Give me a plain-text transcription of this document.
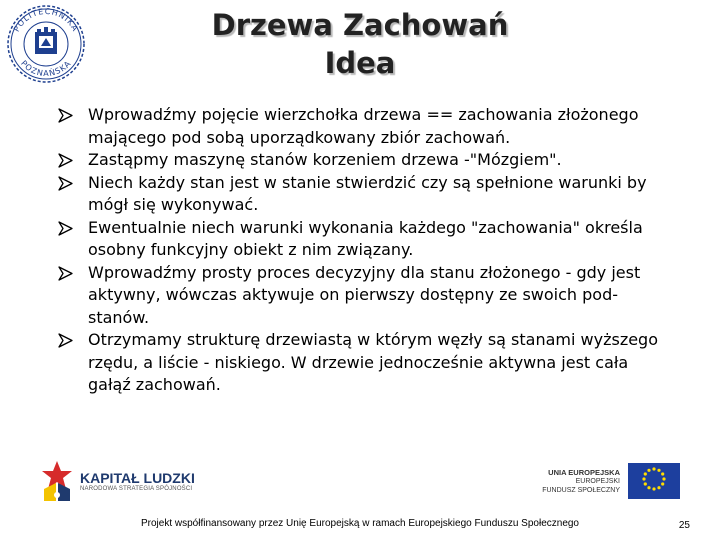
POLITECHNIKA
POZNAŃSKA
Drzewa Zachowań
Idea
Wprowadźmy pojęcie wierzchołka drzewa == zachowania złożonego mającego pod sobą uporządkowany zbiór zachowań.
Zastąpmy maszynę stanów korzeniem drzewa -"Mózgiem".
Niech każdy stan jest w stanie stwierdzić czy są spełnione warunki by mógł się wykonywać.
Ewentualnie niech warunki wykonania każdego "zachowania" określa osobny funkcyjny obiekt z nim związany.
Wprowadźmy prosty proces decyzyjny dla stanu złożonego - gdy jest aktywny, wówczas aktywuje on pierwszy dostępny ze swoich pod-stanów.
Otrzymamy strukturę drzewiastą w którym węzły są stanami wyższego rzędu, a liście - niskiego. W drzewie jednocześnie aktywna jest cała gałąź zachowań.
KAPITAŁ LUDZKI
NARODOWA STRATEGIA SPÓJNOŚCI
UNIA EUROPEJSKA
EUROPEJSKI
FUNDUSZ SPOŁECZNY
Projekt współfinansowany przez Unię Europejską w ramach Europejskiego Funduszu Społecznego	25
